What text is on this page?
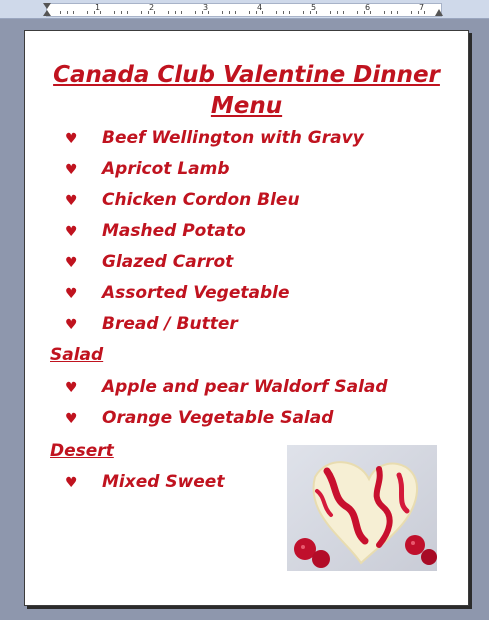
1	2	3	4	5	6	7
Canada Club Valentine Dinner Menu
♥ Beef Wellington with Gravy
♥ Apricot Lamb
♥ Chicken Cordon Bleu
♥ Mashed Potato
♥ Glazed Carrot
♥ Assorted Vegetable
♥ Bread / Butter
Salad
♥ Apple and pear Waldorf Salad
♥ Orange Vegetable Salad
Desert
♥ Mixed Sweet
